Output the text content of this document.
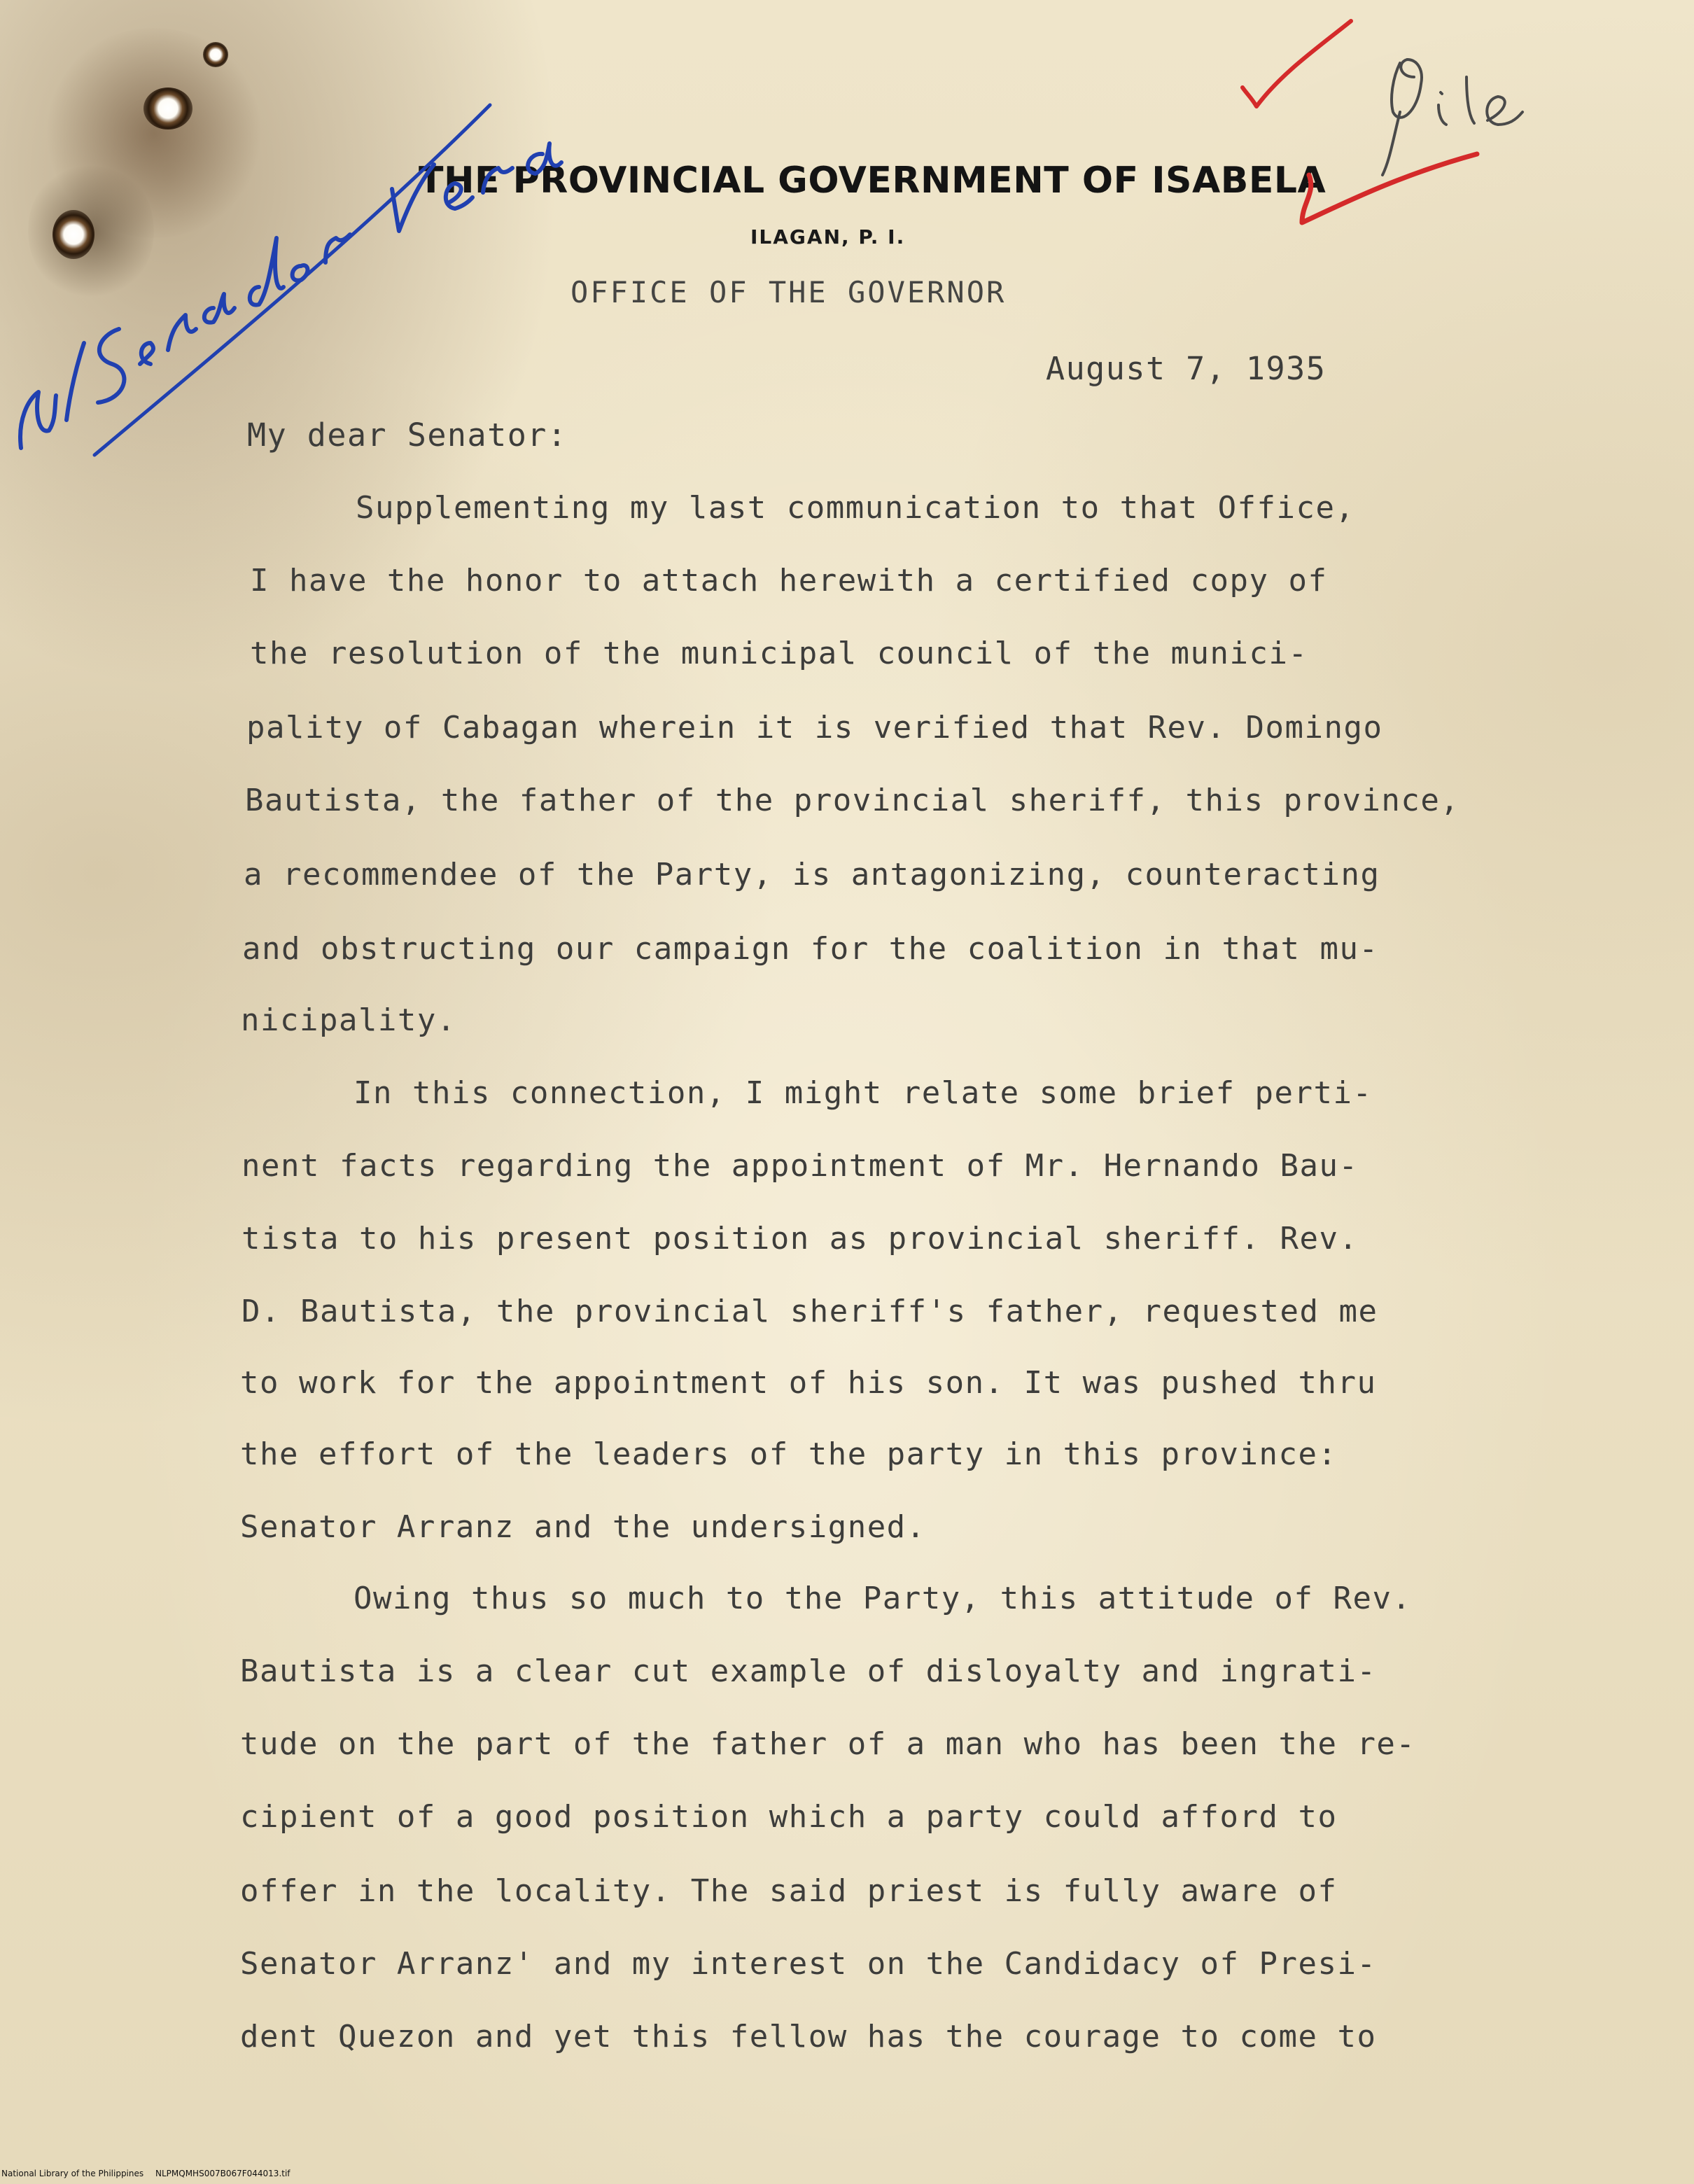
THE PROVINCIAL GOVERNMENT OF ISABELA
ILAGAN, P. I.
OFFICE OF THE GOVERNOR
August 7, 1935
My dear Senator:
Supplementing my last communication to that Office,
I have the honor to attach herewith a certified copy of
the resolution of the municipal council of the munici-
pality of Cabagan wherein it is verified that Rev. Domingo
Bautista, the father of the provincial sheriff, this province,
a recommendee of the Party, is antagonizing, counteracting
and obstructing our campaign for the coalition in that mu-
nicipality.
In this connection, I might relate some brief perti-
nent facts regarding the appointment of Mr. Hernando Bau-
tista to his present position as provincial sheriff. Rev.
D. Bautista, the provincial sheriff's father, requested me
to work for the appointment of his son. It was pushed thru
the effort of the leaders of the party in this province:
Senator Arranz and the undersigned.
Owing thus so much to the Party, this attitude of Rev.
Bautista is a clear cut example of disloyalty and ingrati-
tude on the part of the father of a man who has been the re-
cipient of a good position which a party could afford to
offer in the locality. The said priest is fully aware of
Senator Arranz' and my interest on the Candidacy of Presi-
dent Quezon and yet this fellow has the courage to come to
National Library of the Philippines NLPMQMHS007B067F044013.tif
